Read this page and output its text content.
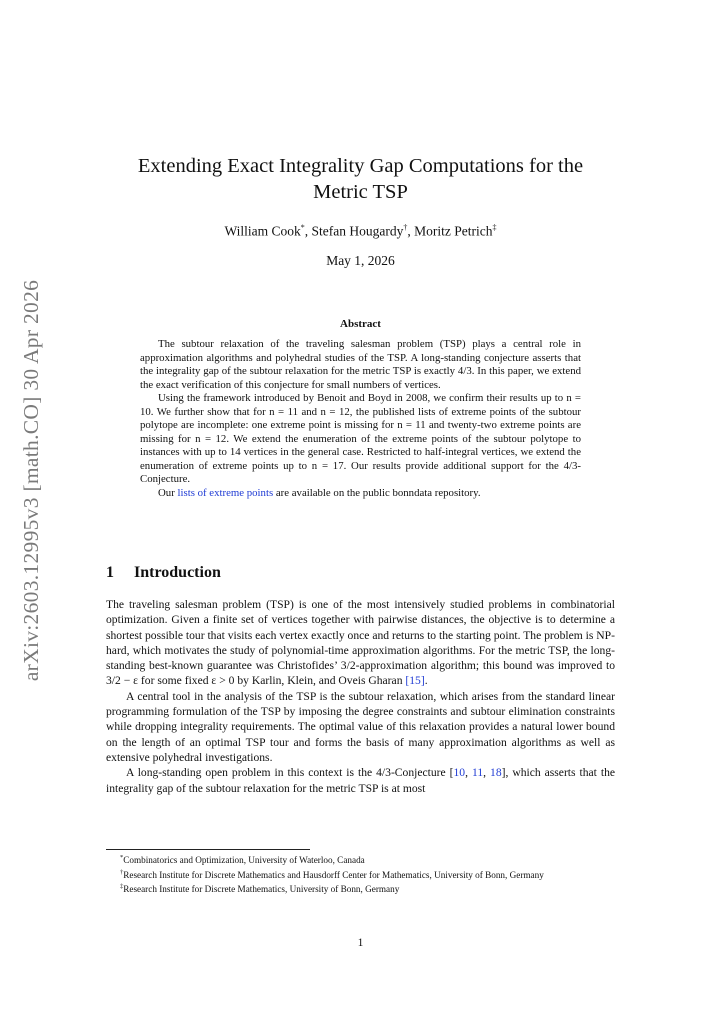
arXiv:2603.12995v3 [math.CO] 30 Apr 2026
Extending Exact Integrality Gap Computations for the
Metric TSP
William Cook*, Stefan Hougardy†, Moritz Petrich‡
May 1, 2026
Abstract

The subtour relaxation of the traveling salesman problem (TSP) plays a central role in approximation algorithms and polyhedral studies of the TSP. A long-standing conjecture asserts that the integrality gap of the subtour relaxation for the metric TSP is exactly 4/3. In this paper, we extend the exact verification of this conjecture for small numbers of vertices.

Using the framework introduced by Benoit and Boyd in 2008, we confirm their results up to n = 10. We further show that for n = 11 and n = 12, the published lists of extreme points of the subtour polytope are incomplete: one extreme point is missing for n = 11 and twenty-two extreme points are missing for n = 12. We extend the enumeration of the extreme points of the subtour polytope to instances with up to 14 vertices in the general case. Restricted to half-integral vertices, we extend the enumeration of extreme points up to n = 17. Our results provide additional support for the 4/3-Conjecture.

Our lists of extreme points are available on the public bonndata repository.

1 Introduction

The traveling salesman problem (TSP) is one of the most intensively studied problems in combinatorial optimization. Given a finite set of vertices together with pairwise distances, the objective is to determine a shortest possible tour that visits each vertex exactly once and returns to the starting point. The problem is NP-hard, which motivates the study of polynomial-time approximation algorithms. For the metric TSP, the long-standing best-known guarantee was Christofides’ 3/2-approximation algorithm; this bound was improved to 3/2 − ε for some fixed ε > 0 by Karlin, Klein, and Oveis Gharan [15].

A central tool in the analysis of the TSP is the subtour relaxation, which arises from the standard linear programming formulation of the TSP by imposing the degree constraints and subtour elimination constraints while dropping integrality requirements. The optimal value of this relaxation provides a natural lower bound on the length of an optimal TSP tour and forms the basis of many approximation algorithms as well as extensive polyhedral investigations.

A long-standing open problem in this context is the 4/3-Conjecture [10, 11, 18], which asserts that the integrality gap of the subtour relaxation for the metric TSP is at most

*Combinatorics and Optimization, University of Waterloo, Canada
†Research Institute for Discrete Mathematics and Hausdorff Center for Mathematics, University of Bonn, Germany
‡Research Institute for Discrete Mathematics, University of Bonn, Germany
1
